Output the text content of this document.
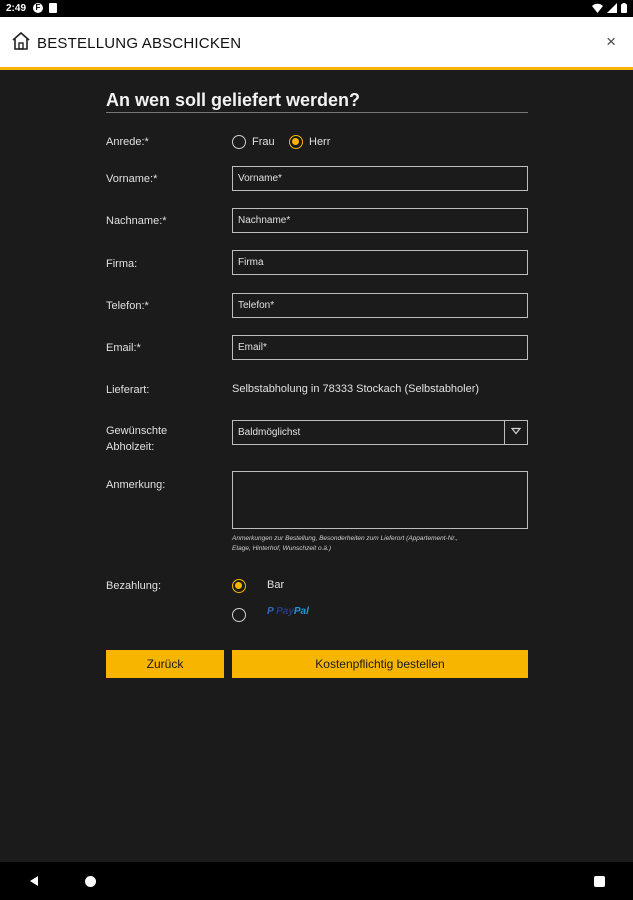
2:49	F
BESTELLUNG ABSCHICKEN	×
An wen soll geliefert werden?
Anrede:*	Frau	Herr
Vorname:*
Vorname*
Nachname:*
Nachname*
Firma:
Firma
Telefon:*
Telefon*
Email:*
Email*
Lieferart:	Selbstabholung in 78333 Stockach (Selbstabholer)
Gewünschte
Abholzeit:
Baldmöglichst
Anmerkung:
Anmerkungen zur Bestellung, Besonderheiten zum Lieferort (Appartement-Nr.,
Etage, Hinterhof, Wunschzeit o.ä.)
Bezahlung:	Bar
P PayPal
Zurück	Kostenpflichtig bestellen
